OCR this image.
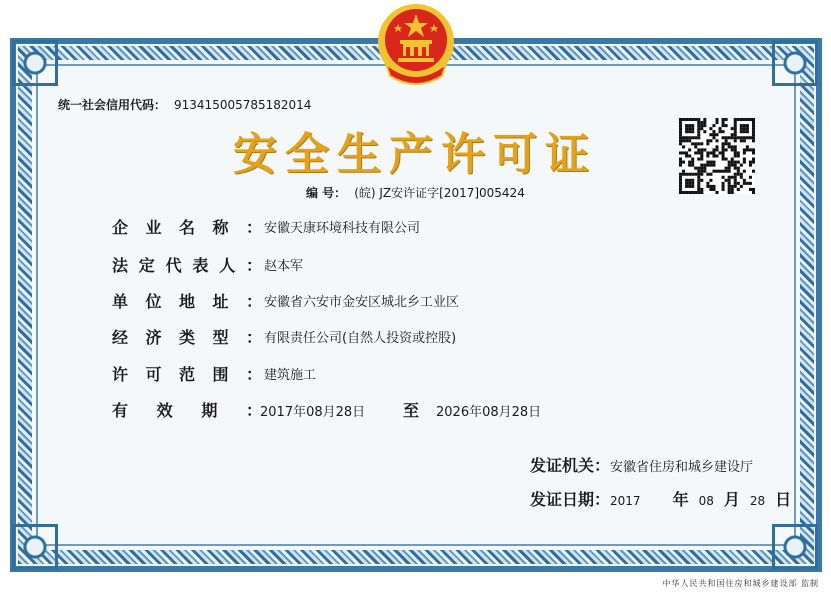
统一社会信用代码： 913415005785182014
安全生产许可证
编 号： (皖) JZ安许证字[2017]005424
企 业 名 称 ： 安徽天康环境科技有限公司
法 定 代 表 人 ： 赵本军
单 位 地 址 ： 安徽省六安市金安区城北乡工业区
经 济 类 型 ： 有限责任公司(自然人投资或控股)
许 可 范 围 ： 建筑施工
有 效 期 ：
2017年08月28日 至 2026年08月28日
发证机关：安徽省住房和城乡建设厅
发证日期：2017 年 08 月 28 日
中华人民共和国住房和城乡建设部 监制
